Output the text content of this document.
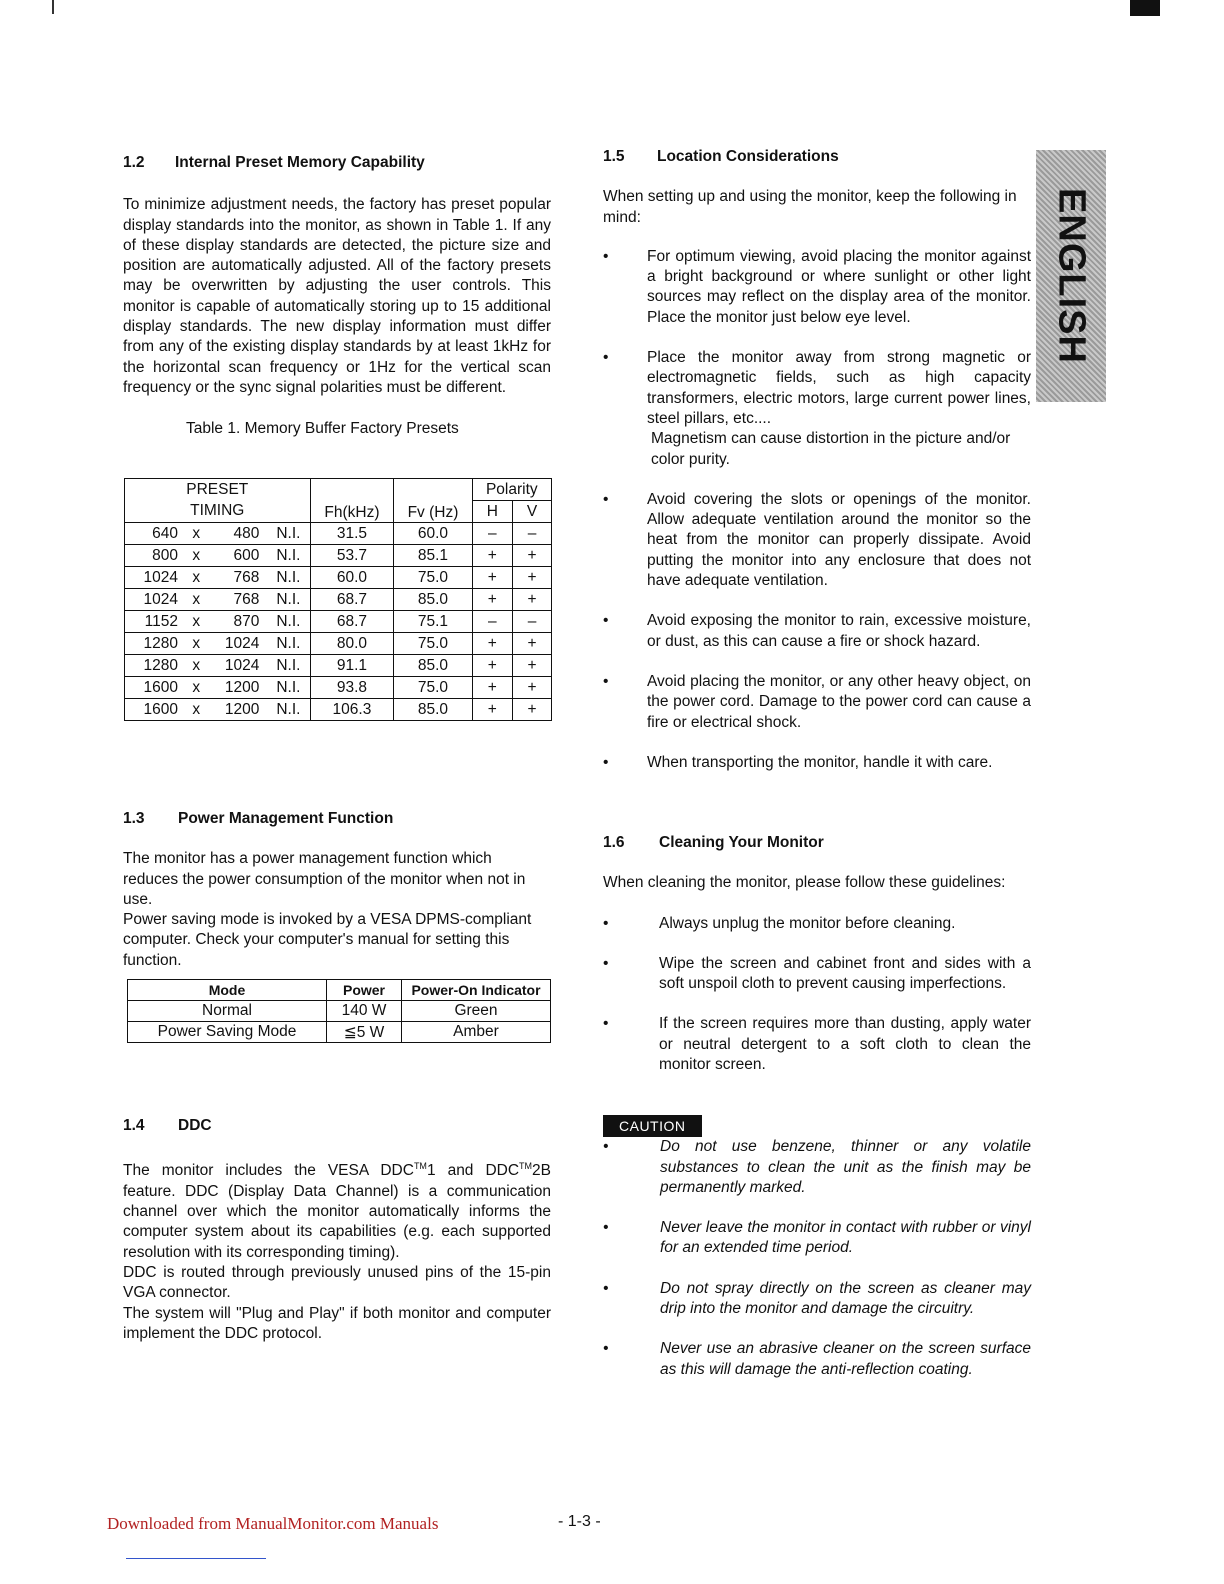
ENGLISH
1.2 Internal Preset Memory Capability
To minimize adjustment needs, the factory has preset popular display standards into the monitor, as shown in Table 1. If any of these display standards are detected, the picture size and position are automatically adjusted. All of the factory presets may be overwritten by adjusting the user controls. This monitor is capable of automatically storing up to 15 additional display standards. The new display information must differ from any of the existing display standards by at least 1kHz for the horizontal scan frequency or 1Hz for the vertical scan frequency or the sync signal polarities must be different.
Table 1. Memory Buffer Factory Presets
PRESET				Fh(kHz)	Fv (Hz)	Polarity	
TIMING						H	V
640	x	480	N.I.	31.5	60.0	–	–
800	x	600	N.I.	53.7	85.1	+	+
1024	x	768	N.I.	60.0	75.0	+	+
1024	x	768	N.I.	68.7	85.0	+	+
1152	x	870	N.I.	68.7	75.1	–	–
1280	x	1024	N.I.	80.0	75.0	+	+
1280	x	1024	N.I.	91.1	85.0	+	+
1600	x	1200	N.I.	93.8	75.0	+	+
1600	x	1200	N.I.	106.3	85.0	+	+
1.3 Power Management Function
The monitor has a power management function which reduces the power consumption of the monitor when not in use.
Power saving mode is invoked by a VESA DPMS-compliant computer. Check your computer's manual for setting this function.
Mode	Power	Power-On Indicator
Normal	140 W	Green
Power Saving Mode	≦5 W	Amber
1.4 DDC
The monitor includes the VESA DDC™1 and DDC™2B feature. DDC (Display Data Channel) is a communication channel over which the monitor automatically informs the computer system about its capabilities (e.g. each supported resolution with its corresponding timing).
DDC is routed through previously unused pins of the 15-pin VGA connector.
The system will "Plug and Play" if both monitor and computer implement the DDC protocol.
1.5 Location Considerations
When setting up and using the monitor, keep the following in mind:
• For optimum viewing, avoid placing the monitor against a bright background or where sunlight or other light sources may reflect on the display area of the monitor. Place the monitor just below eye level.
• Place the monitor away from strong magnetic or electromagnetic fields, such as high capacity transformers, electric motors, large current power lines, steel pillars, etc....
Magnetism can cause distortion in the picture and/or color purity.
• Avoid covering the slots or openings of the monitor. Allow adequate ventilation around the monitor so the heat from the monitor can properly dissipate. Avoid putting the monitor into any enclosure that does not have adequate ventilation.
• Avoid exposing the monitor to rain, excessive moisture, or dust, as this can cause a fire or shock hazard.
• Avoid placing the monitor, or any other heavy object, on the power cord. Damage to the power cord can cause a fire or electrical shock.
• When transporting the monitor, handle it with care.
1.6 Cleaning Your Monitor
When cleaning the monitor, please follow these guidelines:
•	Always unplug the monitor before cleaning.
•	Wipe the screen and cabinet front and sides with a soft unspoil cloth to prevent causing imperfections.
•	If the screen requires more than dusting, apply water or neutral detergent to a soft cloth to clean the monitor screen.
CAUTION
•	Do not use benzene, thinner or any volatile substances to clean the unit as the finish may be permanently marked.
•	Never leave the monitor in contact with rubber or vinyl for an extended time period.
•	Do not spray directly on the screen as cleaner may drip into the monitor and damage the circuitry.
•	Never use an abrasive cleaner on the screen surface as this will damage the anti-reflection coating.
Downloaded from ManualMonitor.com Manuals	- 1-3 -
